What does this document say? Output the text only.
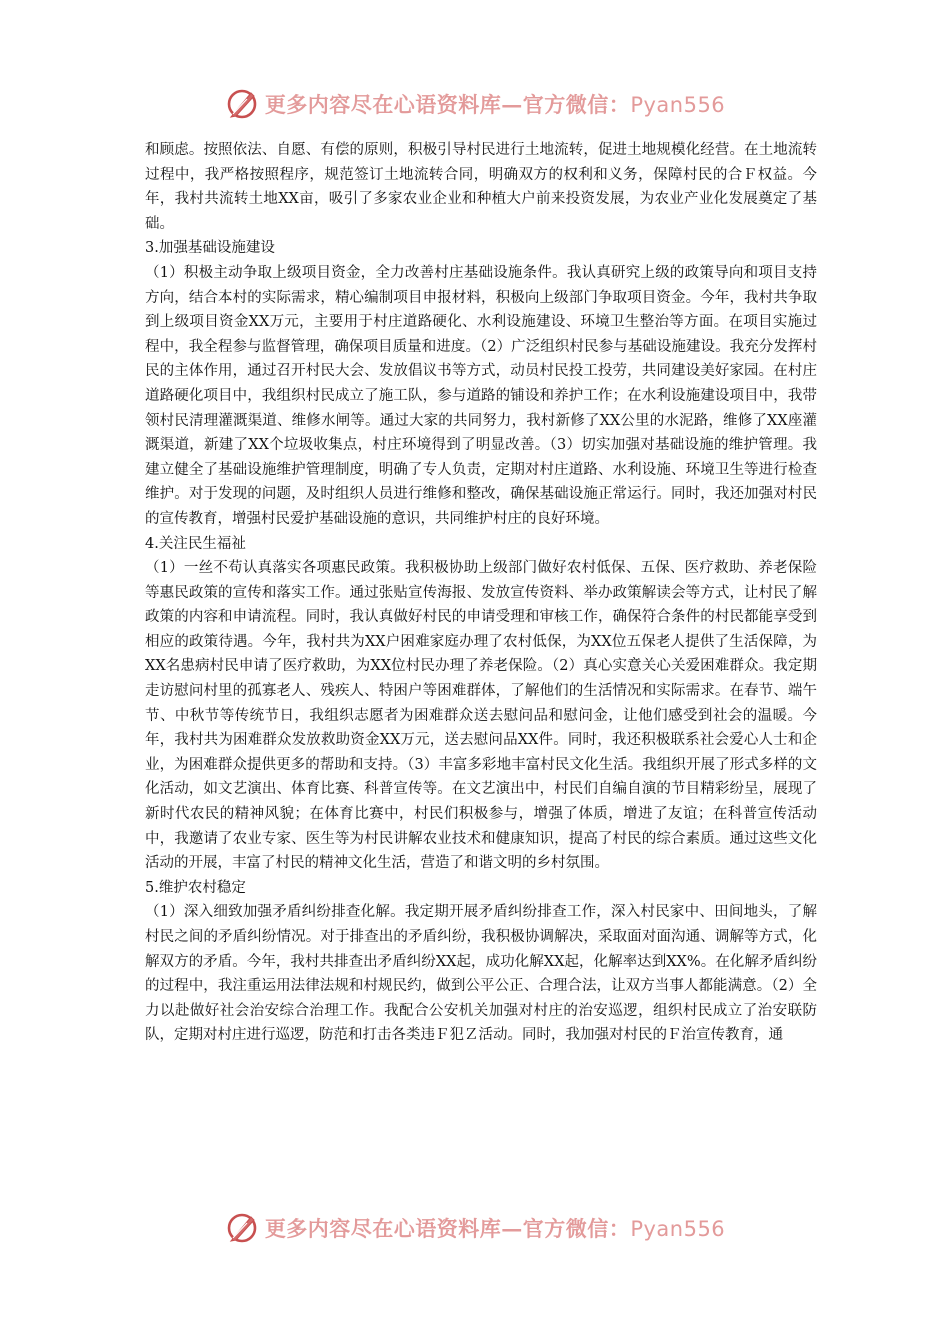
更多内容尽在心语资料库—官方微信：Pyan556

和顾虑。按照依法、自愿、有偿的原则，积极引导村民进行土地流转，促进土地规模化经营。在土地流转过程中，我严格按照程序，规范签订土地流转合同，明确双方的权利和义务，保障村民的合Ｆ权益。今年，我村共流转土地XX亩，吸引了多家农业企业和种植大户前来投资发展，为农业产业化发展奠定了基础。

3.加强基础设施建设

（1）积极主动争取上级项目资金，全力改善村庄基础设施条件。我认真研究上级的政策导向和项目支持方向，结合本村的实际需求，精心编制项目申报材料，积极向上级部门争取项目资金。今年，我村共争取到上级项目资金XX万元，主要用于村庄道路硬化、水利设施建设、环境卫生整治等方面。在项目实施过程中，我全程参与监督管理，确保项目质量和进度。（2）广泛组织村民参与基础设施建设。我充分发挥村民的主体作用，通过召开村民大会、发放倡议书等方式，动员村民投工投劳，共同建设美好家园。在村庄道路硬化项目中，我组织村民成立了施工队，参与道路的铺设和养护工作；在水利设施建设项目中，我带领村民清理灌溉渠道、维修水闸等。通过大家的共同努力，我村新修了XX公里的水泥路，维修了XX座灌溉渠道，新建了XX个垃圾收集点，村庄环境得到了明显改善。（3）切实加强对基础设施的维护管理。我建立健全了基础设施维护管理制度，明确了专人负责，定期对村庄道路、水利设施、环境卫生等进行检查维护。对于发现的问题，及时组织人员进行维修和整改，确保基础设施正常运行。同时，我还加强对村民的宣传教育，增强村民爱护基础设施的意识，共同维护村庄的良好环境。

4.关注民生福祉

（1）一丝不苟认真落实各项惠民政策。我积极协助上级部门做好农村低保、五保、医疗救助、养老保险等惠民政策的宣传和落实工作。通过张贴宣传海报、发放宣传资料、举办政策解读会等方式，让村民了解政策的内容和申请流程。同时，我认真做好村民的申请受理和审核工作，确保符合条件的村民都能享受到相应的政策待遇。今年，我村共为XX户困难家庭办理了农村低保，为XX位五保老人提供了生活保障，为XX名患病村民申请了医疗救助，为XX位村民办理了养老保险。（2）真心实意关心关爱困难群众。我定期走访慰问村里的孤寡老人、残疾人、特困户等困难群体，了解他们的生活情况和实际需求。在春节、端午节、中秋节等传统节日，我组织志愿者为困难群众送去慰问品和慰问金，让他们感受到社会的温暖。今年，我村共为困难群众发放救助资金XX万元，送去慰问品XX件。同时，我还积极联系社会爱心人士和企业，为困难群众提供更多的帮助和支持。（3）丰富多彩地丰富村民文化生活。我组织开展了形式多样的文化活动，如文艺演出、体育比赛、科普宣传等。在文艺演出中，村民们自编自演的节目精彩纷呈，展现了新时代农民的精神风貌；在体育比赛中，村民们积极参与，增强了体质，增进了友谊；在科普宣传活动中，我邀请了农业专家、医生等为村民讲解农业技术和健康知识，提高了村民的综合素质。通过这些文化活动的开展，丰富了村民的精神文化生活，营造了和谐文明的乡村氛围。

5.维护农村稳定

（1）深入细致加强矛盾纠纷排查化解。我定期开展矛盾纠纷排查工作，深入村民家中、田间地头，了解村民之间的矛盾纠纷情况。对于排查出的矛盾纠纷，我积极协调解决，采取面对面沟通、调解等方式，化解双方的矛盾。今年，我村共排查出矛盾纠纷XX起，成功化解XX起，化解率达到XX%。在化解矛盾纠纷的过程中，我注重运用法律法规和村规民约，做到公平公正、合理合法，让双方当事人都能满意。（2）全力以赴做好社会治安综合治理工作。我配合公安机关加强对村庄的治安巡逻，组织村民成立了治安联防队，定期对村庄进行巡逻，防范和打击各类违Ｆ犯Ｚ活动。同时，我加强对村民的Ｆ治宣传教育，通

更多内容尽在心语资料库—官方微信：Pyan556
